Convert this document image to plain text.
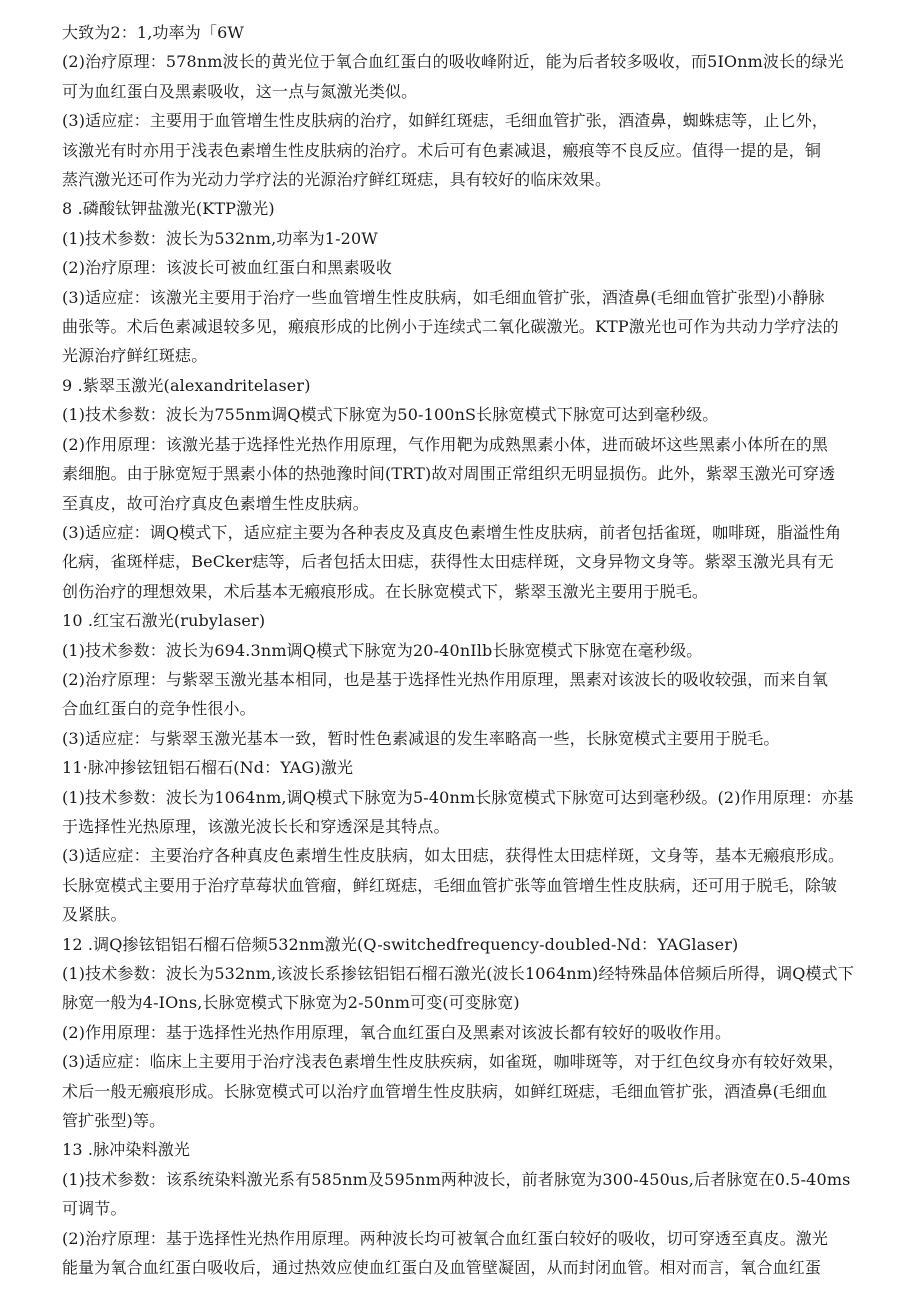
大致为2：1,功率为「6W
(2)治疗原理：578nm波长的黄光位于氧合血红蛋白的吸收峰附近，能为后者较多吸收，而5IOnm波长的绿光
可为血红蛋白及黑素吸收，这一点与氮激光类似。
(3)适应症：主要用于血管增生性皮肤病的治疗，如鲜红斑痣，毛细血管扩张，酒渣鼻，蜘蛛痣等，止匕外，
该激光有时亦用于浅表色素增生性皮肤病的治疗。术后可有色素减退，瘢痕等不良反应。值得一提的是，铜
蒸汽激光还可作为光动力学疗法的光源治疗鲜红斑痣，具有较好的临床效果。
8 .磷酸钛钾盐激光(KTP激光)
(1)技术参数：波长为532nm,功率为1-20W
(2)治疗原理：该波长可被血红蛋白和黑素吸收
(3)适应症：该激光主要用于治疗一些血管增生性皮肤病，如毛细血管扩张，酒渣鼻(毛细血管扩张型)小静脉
曲张等。术后色素减退较多见，瘢痕形成的比例小于连续式二氧化碳激光。KTP激光也可作为共动力学疗法的
光源治疗鲜红斑痣。
9 .紫翠玉激光(alexandritelaser)
(1)技术参数：波长为755nm调Q模式下脉宽为50-100nS长脉宽模式下脉宽可达到毫秒级。
(2)作用原理：该激光基于选择性光热作用原理，气作用靶为成熟黑素小体，进而破坏这些黑素小体所在的黑
素细胞。由于脉宽短于黑素小体的热弛豫时间(TRT)故对周围正常组织无明显损伤。此外，紫翠玉激光可穿透
至真皮，故可治疗真皮色素增生性皮肤病。
(3)适应症：调Q模式下，适应症主要为各种表皮及真皮色素增生性皮肤病，前者包括雀斑，咖啡斑，脂溢性角
化病，雀斑样痣，BeCker痣等，后者包括太田痣，获得性太田痣样斑，文身异物文身等。紫翠玉激光具有无
创伤治疗的理想效果，术后基本无瘢痕形成。在长脉宽模式下，紫翠玉激光主要用于脱毛。
10 .红宝石激光(rubylaser)
(1)技术参数：波长为694.3nm调Q模式下脉宽为20-40nIlb长脉宽模式下脉宽在毫秒级。
(2)治疗原理：与紫翠玉激光基本相同，也是基于选择性光热作用原理，黑素对该波长的吸收较强，而来自氧
合血红蛋白的竞争性很小。
(3)适应症：与紫翠玉激光基本一致，暂时性色素减退的发生率略高一些，长脉宽模式主要用于脱毛。
11·脉冲掺铉钮铝石榴石(Nd：YAG)激光
(1)技术参数：波长为1064nm,调Q模式下脉宽为5-40nm长脉宽模式下脉宽可达到毫秒级。(2)作用原理：亦基
于选择性光热原理，该激光波长长和穿透深是其特点。
(3)适应症：主要治疗各种真皮色素增生性皮肤病，如太田痣，获得性太田痣样斑，文身等，基本无瘢痕形成。
长脉宽模式主要用于治疗草莓状血管瘤，鲜红斑痣，毛细血管扩张等血管增生性皮肤病，还可用于脱毛，除皱
及紧肤。
12 .调Q掺铉铝铝石榴石倍频532nm激光(Q-switchedfrequency-doubled-Nd：YAGlaser)
(1)技术参数：波长为532nm,该波长系掺铉铝铝石榴石激光(波长1064nm)经特殊晶体倍频后所得，调Q模式下
脉宽一般为4-IOns,长脉宽模式下脉宽为2-50nm可变(可变脉宽)
(2)作用原理：基于选择性光热作用原理，氧合血红蛋白及黑素对该波长都有较好的吸收作用。
(3)适应症：临床上主要用于治疗浅表色素增生性皮肤疾病，如雀斑，咖啡斑等，对于红色纹身亦有较好效果，
术后一般无瘢痕形成。长脉宽模式可以治疗血管增生性皮肤病，如鲜红斑痣，毛细血管扩张，酒渣鼻(毛细血
管扩张型)等。
13 .脉冲染料激光
(1)技术参数：该系统染料激光系有585nm及595nm两种波长，前者脉宽为300-450us,后者脉宽在0.5-40ms
可调节。
(2)治疗原理：基于选择性光热作用原理。两种波长均可被氧合血红蛋白较好的吸收，切可穿透至真皮。激光
能量为氧合血红蛋白吸收后，通过热效应使血红蛋白及血管壁凝固，从而封闭血管。相对而言，氧合血红蛋
